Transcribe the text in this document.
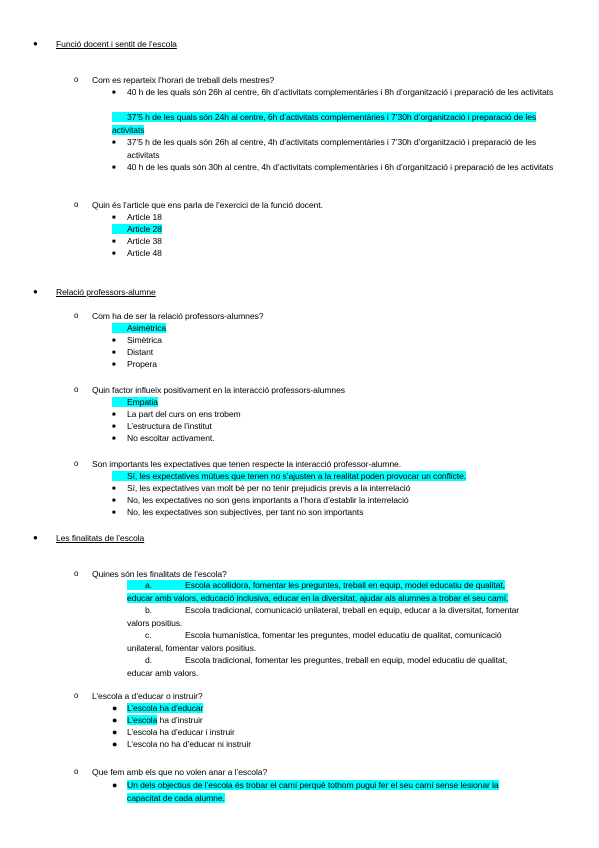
● Funció docent i sentit de l’escola
o Com es reparteix l’horari de treball dels mestres?
■ 40 h de les quals són 26h al centre, 6h d’activitats complementàries i 8h d’organització i preparació de les activitats
37’5 h de les quals són 24h al centre, 6h d’activitats complementàries i 7’30h d’organització i preparació de les activitats
■ 37’5 h de les quals són 26h al centre, 4h d’activitats complementàries i 7’30h d’organització i preparació de les activitats
■ 40 h de les quals són 30h al centre, 4h d’activitats complementàries i 6h d’organització i preparació de les activitats
o Quin és l’article que ens parla de l’exercici de la funció docent.
■ Article 18
Article 28
■ Article 38
■ Article 48
● Relació professors-alumne
o Com ha de ser la relació professors-alumnes?
Asimètrica
■ Simètrica
■ Distant
■ Propera
o Quin factor influeix positivament en la interacció professors-alumnes
Empatia
■ La part del curs on ens trobem
■ L’estructura de l’institut
■ No escoltar activament.
o Son importants les expectatives que tenen respecte la interacció professor-alumne.
Sí, les expectatives mútues que tenen no s’ajusten a la realitat poden provocar un conflicte.
■ Sí, les expectatives van molt bé per no tenir prejudicis previs a la interrelació
■ No, les expectatives no son gens importants a l’hora d’establir la interrelació
■ No, les expectatives son subjectives, per tant no son importants
● Les finalitats de l’escola
o Quines són les finalitats de l’escola?
a.	Escola acollidora, fomentar les preguntes, treball en equip, model educatiu de qualitat,
educar amb valors, educació inclusiva, educar en la diversitat, ajudar als alumnes a trobar el seu camí.
b.	Escola tradicional, comunicació unilateral, treball en equip, educar a la diversitat, fomentar
valors positius.
c.	Escola humanística, fomentar les preguntes, model educatiu de qualitat, comunicació
unilateral, fomentar valors positius.
d.	Escola tradicional, fomentar les preguntes, treball en equip, model educatiu de qualitat,
educar amb valors.
o L’escola a d’educar o instruir?
● L’escola ha d’educar
● L’escola ha d’instruir
● L’escola ha d’educar i instruir
● L’escola no ha d’educar ni instruir
o Que fem amb els que no volen anar a l’escola?
● Un dels objectius de l’escola és trobar el camí perquè tothom pugui fer el seu camí sense lesionar la
capacitat de cada alumne.
